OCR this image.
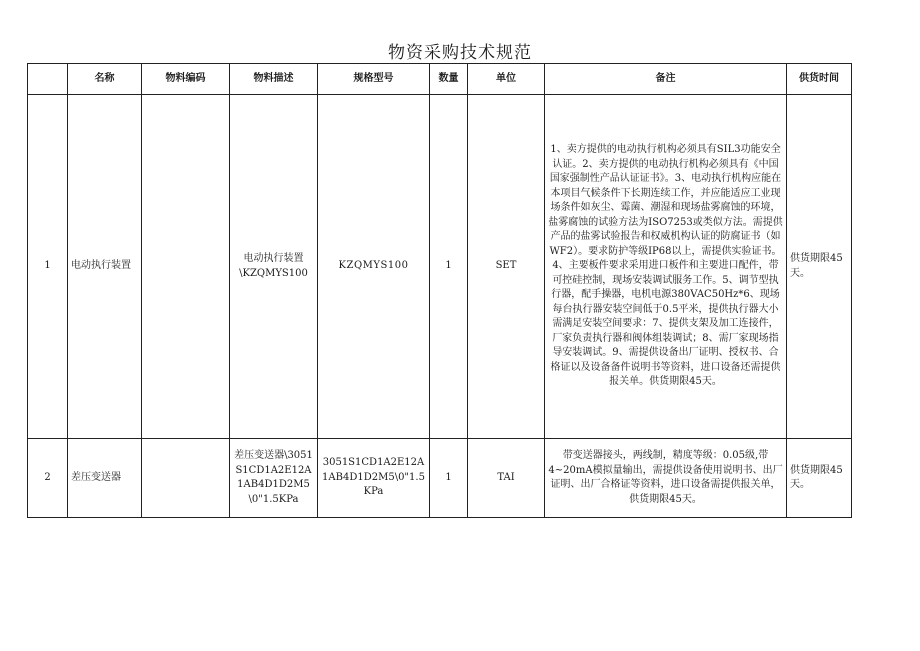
物资采购技术规范
	名称	物料编码	物料描述	规格型号	数量	单位	备注	供货时间
1	电动执行装置		电动执行装置\KZQMYS100	KZQMYS100	1	SET	1、卖方提供的电动执行机构必须具有SIL3功能安全认证。2、卖方提供的电动执行机构必须具有《中国国家强制性产品认证证书》。3、电动执行机构应能在本项目气候条件下长期连续工作，并应能适应工业现场条件如灰尘、霉菌、潮湿和现场盐雾腐蚀的环境，盐雾腐蚀的试验方法为ISO7253或类似方法。需提供产品的盐雾试验报告和权威机构认证的防腐证书（如WF2）。要求防护等级IP68以上，需提供实验证书。4、主要板件要求采用进口板件和主要进口配件，带可控硅控制，现场安装调试服务工作。5、调节型执行器，配手操器，电机电源380VAC50Hz*6、现场每台执行器安装空间低于0.5平米，提供执行器大小需满足安装空间要求：7、提供支架及加工连接件，厂家负责执行器和阀体组装调试；8、需厂家现场指导安装调试。9、需提供设备出厂证明、授权书、合格证以及设备备件说明书等资料，进口设备还需提供报关单。供货期限45天。	供货期限45天。
2	差压变送器		差压变送器\3051S1CD1A2E12A1AB4D1D2M5\0"1.5KPa	3051S1CD1A2E12A1AB4D1D2M5\0"1.5KPa	1	TAI	带变送器接头，两线制，精度等级：0.05级,带4~20mA模拟量输出，需提供设备使用说明书、出厂证明、出厂合格证等资料，进口设备需提供报关单，供货期限45天。	供货期限45天。
